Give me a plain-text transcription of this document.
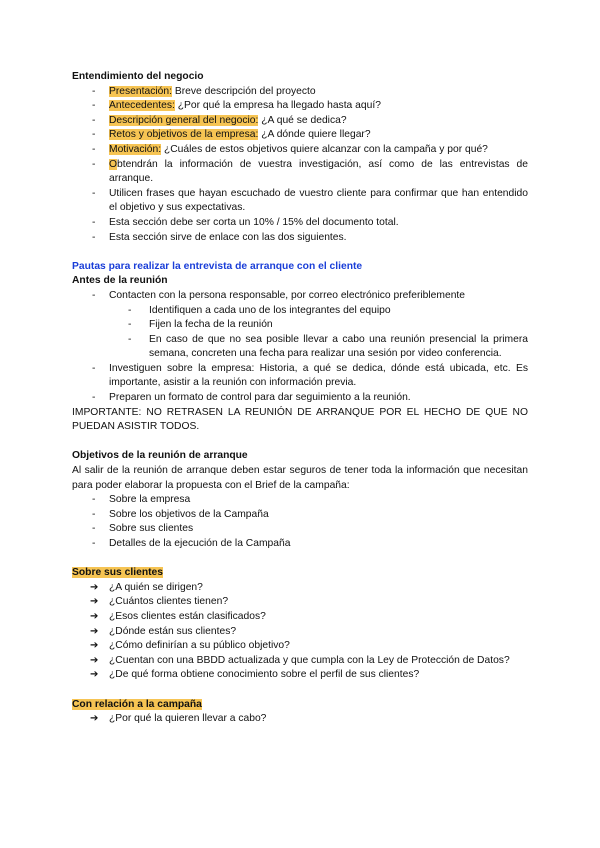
Entendimiento del negocio

- Presentación: Breve descripción del proyecto
- Antecedentes: ¿Por qué la empresa ha llegado hasta aquí?
- Descripción general del negocio: ¿A qué se dedica?
- Retos y objetivos de la empresa: ¿A dónde quiere llegar?
- Motivación: ¿Cuáles de estos objetivos quiere alcanzar con la campaña y por qué?
- Obtendrán la información de vuestra investigación, así como de las entrevistas de arranque.
- Utilicen frases que hayan escuchado de vuestro cliente para confirmar que han entendido el objetivo y sus expectativas.
- Esta sección debe ser corta un 10% / 15% del documento total.
- Esta sección sirve de enlace con las dos siguientes.

Pautas para realizar la entrevista de arranque con el cliente

Antes de la reunión

- Contacten con la persona responsable, por correo electrónico preferiblemente
- Identifiquen a cada uno de los integrantes del equipo
- Fijen la fecha de la reunión
- En caso de que no sea posible llevar a cabo una reunión presencial la primera semana, concreten una fecha para realizar una sesión por video conferencia.
- Investiguen sobre la empresa: Historia, a qué se dedica, dónde está ubicada, etc. Es importante, asistir a la reunión con información previa.
- Preparen un formato de control para dar seguimiento a la reunión.

IMPORTANTE: NO RETRASEN LA REUNIÓN DE ARRANQUE POR EL HECHO DE QUE NO PUEDAN ASISTIR TODOS.

Objetivos de la reunión de arranque

Al salir de la reunión de arranque deben estar seguros de tener toda la información que necesitan para poder elaborar la propuesta con el Brief de la campaña:

- Sobre la empresa
- Sobre los objetivos de la Campaña
- Sobre sus clientes
- Detalles de la ejecución de la Campaña

Sobre sus clientes

➔ ¿A quién se dirigen?
➔ ¿Cuántos clientes tienen?
➔ ¿Esos clientes están clasificados?
➔ ¿Dónde están sus clientes?
➔ ¿Cómo definirían a su público objetivo?
➔ ¿Cuentan con una BBDD actualizada y que cumpla con la Ley de Protección de Datos?
➔ ¿De qué forma obtiene conocimiento sobre el perfil de sus clientes?

Con relación a la campaña

➔ ¿Por qué la quieren llevar a cabo?
